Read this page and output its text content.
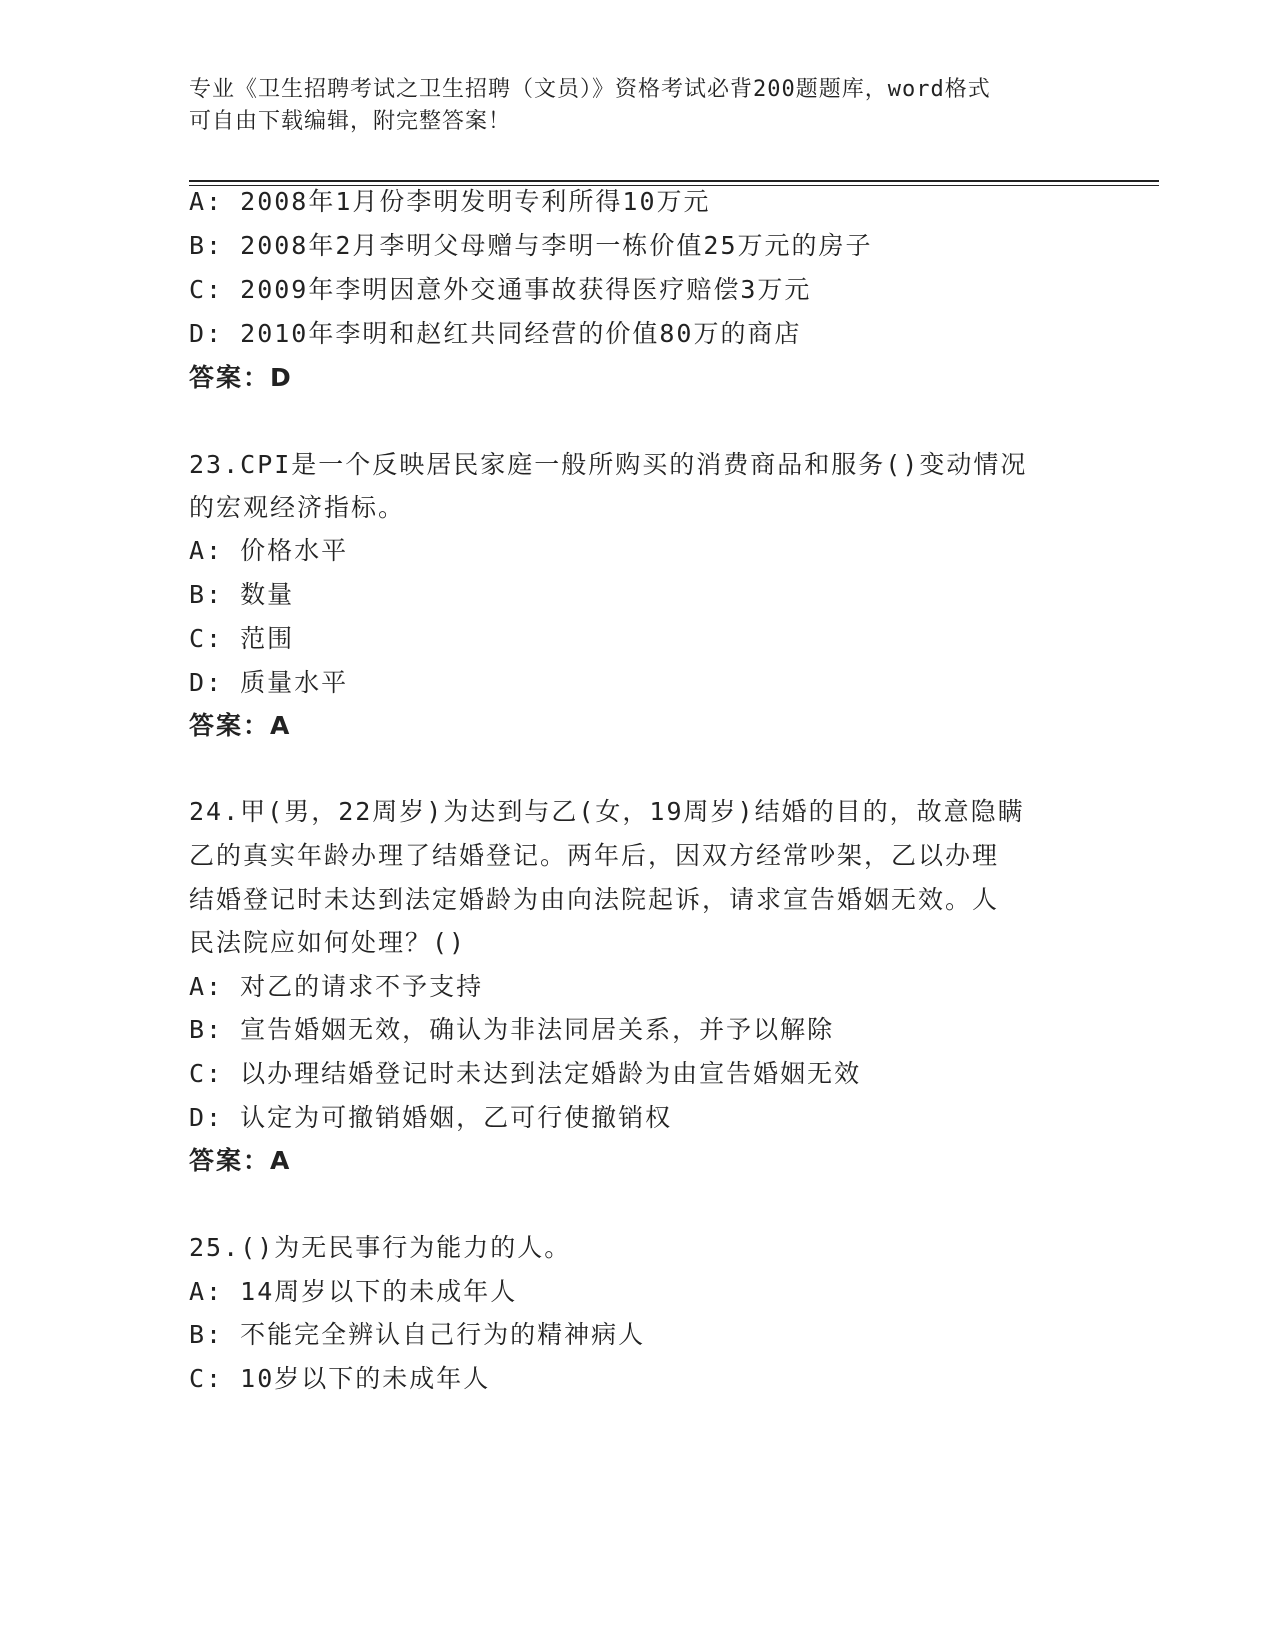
专业《卫生招聘考试之卫生招聘（文员）》资格考试必背200题题库，word格式
可自由下载编辑，附完整答案！
A: 2008年1月份李明发明专利所得10万元
B: 2008年2月李明父母赠与李明一栋价值25万元的房子
C: 2009年李明因意外交通事故获得医疗赔偿3万元
D: 2010年李明和赵红共同经营的价值80万的商店
答案：D
23.CPI是一个反映居民家庭一般所购买的消费商品和服务()变动情况
的宏观经济指标。
A: 价格水平
B: 数量
C: 范围
D: 质量水平
答案：A
24.甲(男，22周岁)为达到与乙(女，19周岁)结婚的目的，故意隐瞒
乙的真实年龄办理了结婚登记。两年后，因双方经常吵架，乙以办理
结婚登记时未达到法定婚龄为由向法院起诉，请求宣告婚姻无效。人
民法院应如何处理？()
A: 对乙的请求不予支持
B: 宣告婚姻无效，确认为非法同居关系，并予以解除
C: 以办理结婚登记时未达到法定婚龄为由宣告婚姻无效
D: 认定为可撤销婚姻，乙可行使撤销权
答案：A
25.()为无民事行为能力的人。
A: 14周岁以下的未成年人
B: 不能完全辨认自己行为的精神病人
C: 10岁以下的未成年人
